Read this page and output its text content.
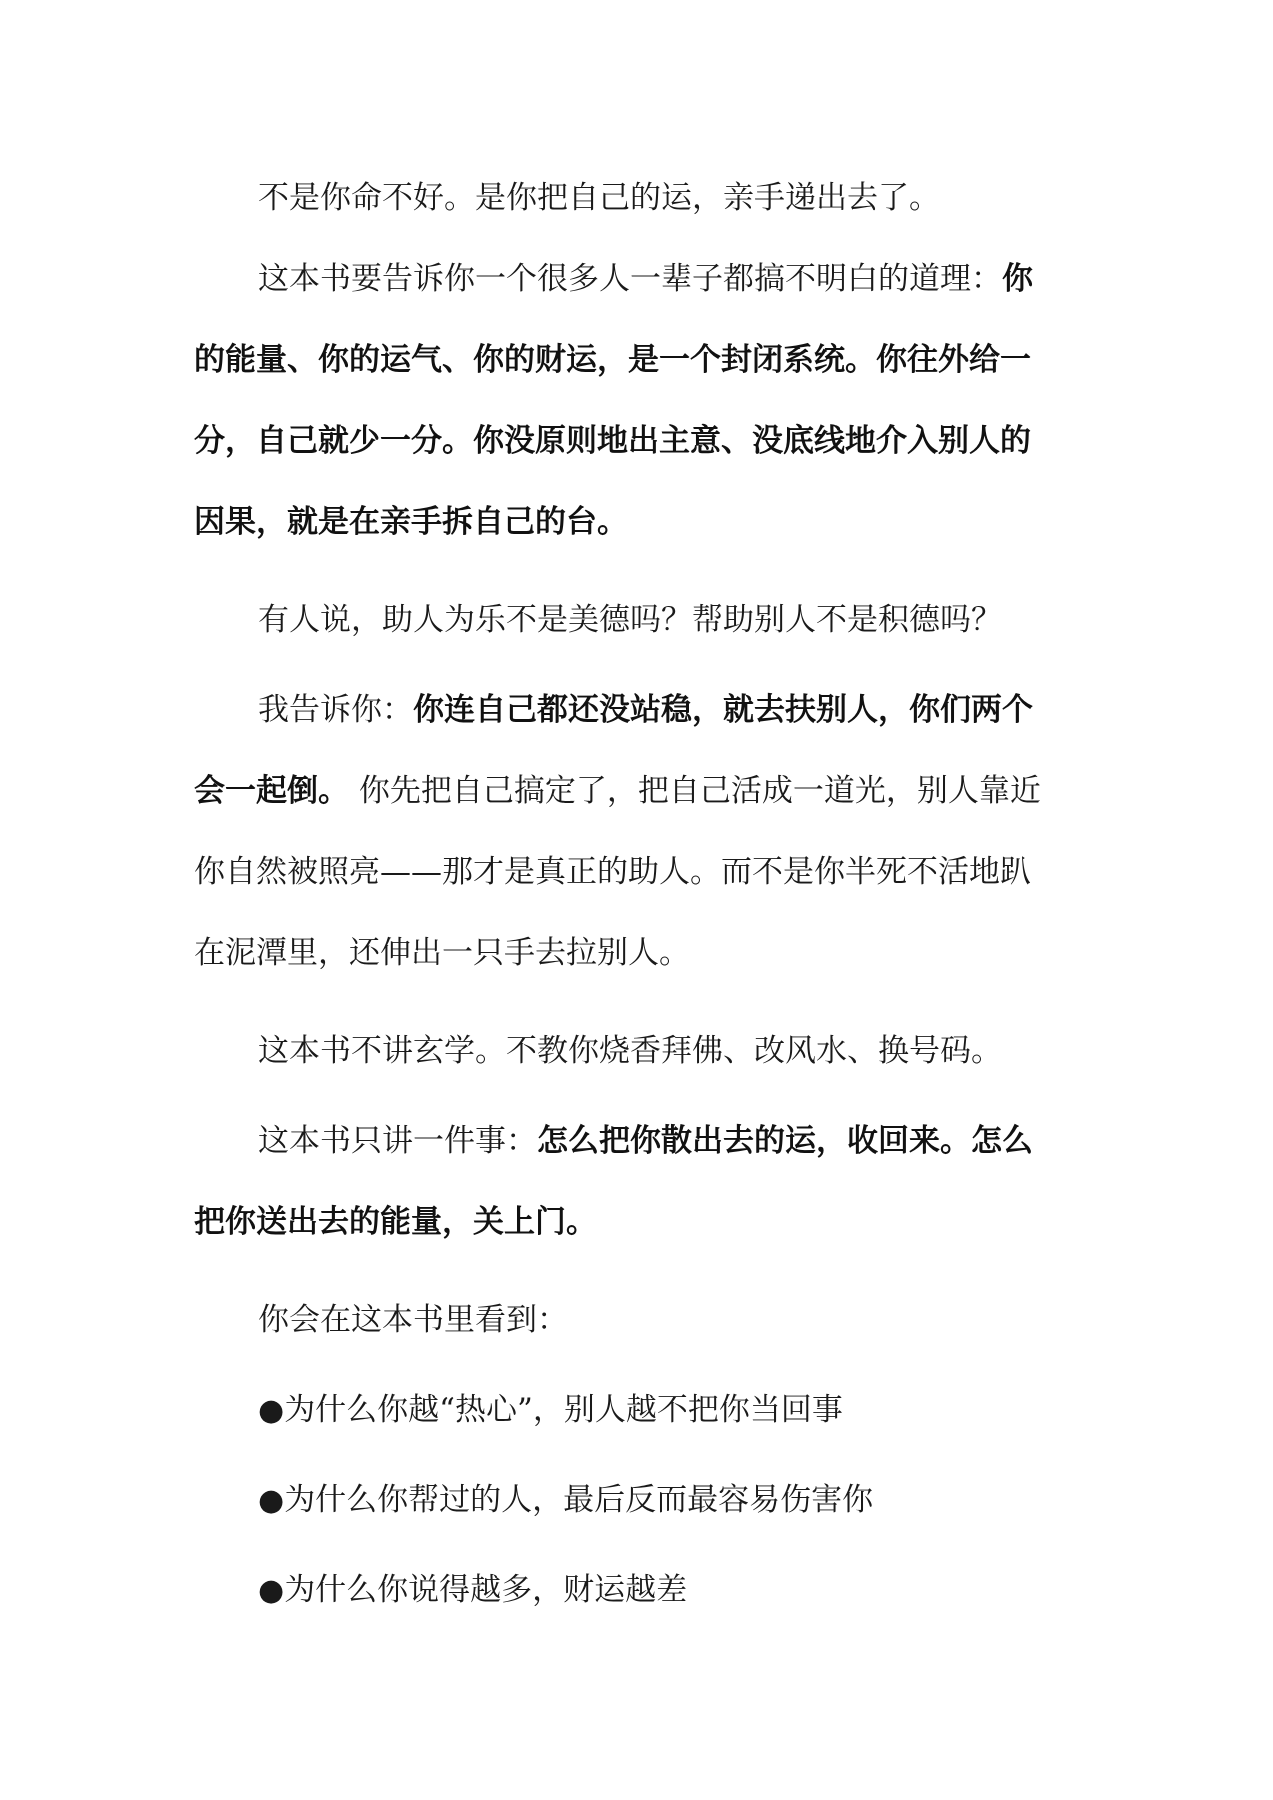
不是你命不好。是你把自己的运，亲手递出去了。
这本书要告诉你一个很多人一辈子都搞不明白的道理：你
的能量、你的运气、你的财运，是一个封闭系统。你往外给一
分，自己就少一分。你没原则地出主意、没底线地介入别人的
因果，就是在亲手拆自己的台。
有人说，助人为乐不是美德吗？帮助别人不是积德吗？
我告诉你：你连自己都还没站稳，就去扶别人，你们两个
会一起倒。 你先把自己搞定了，把自己活成一道光，别人靠近
你自然被照亮——那才是真正的助人。而不是你半死不活地趴
在泥潭里，还伸出一只手去拉别人。
这本书不讲玄学。不教你烧香拜佛、改风水、换号码。
这本书只讲一件事：怎么把你散出去的运，收回来。怎么
把你送出去的能量，关上门。
你会在这本书里看到：
●为什么你越“热心”，别人越不把你当回事
●为什么你帮过的人，最后反而最容易伤害你
●为什么你说得越多，财运越差
